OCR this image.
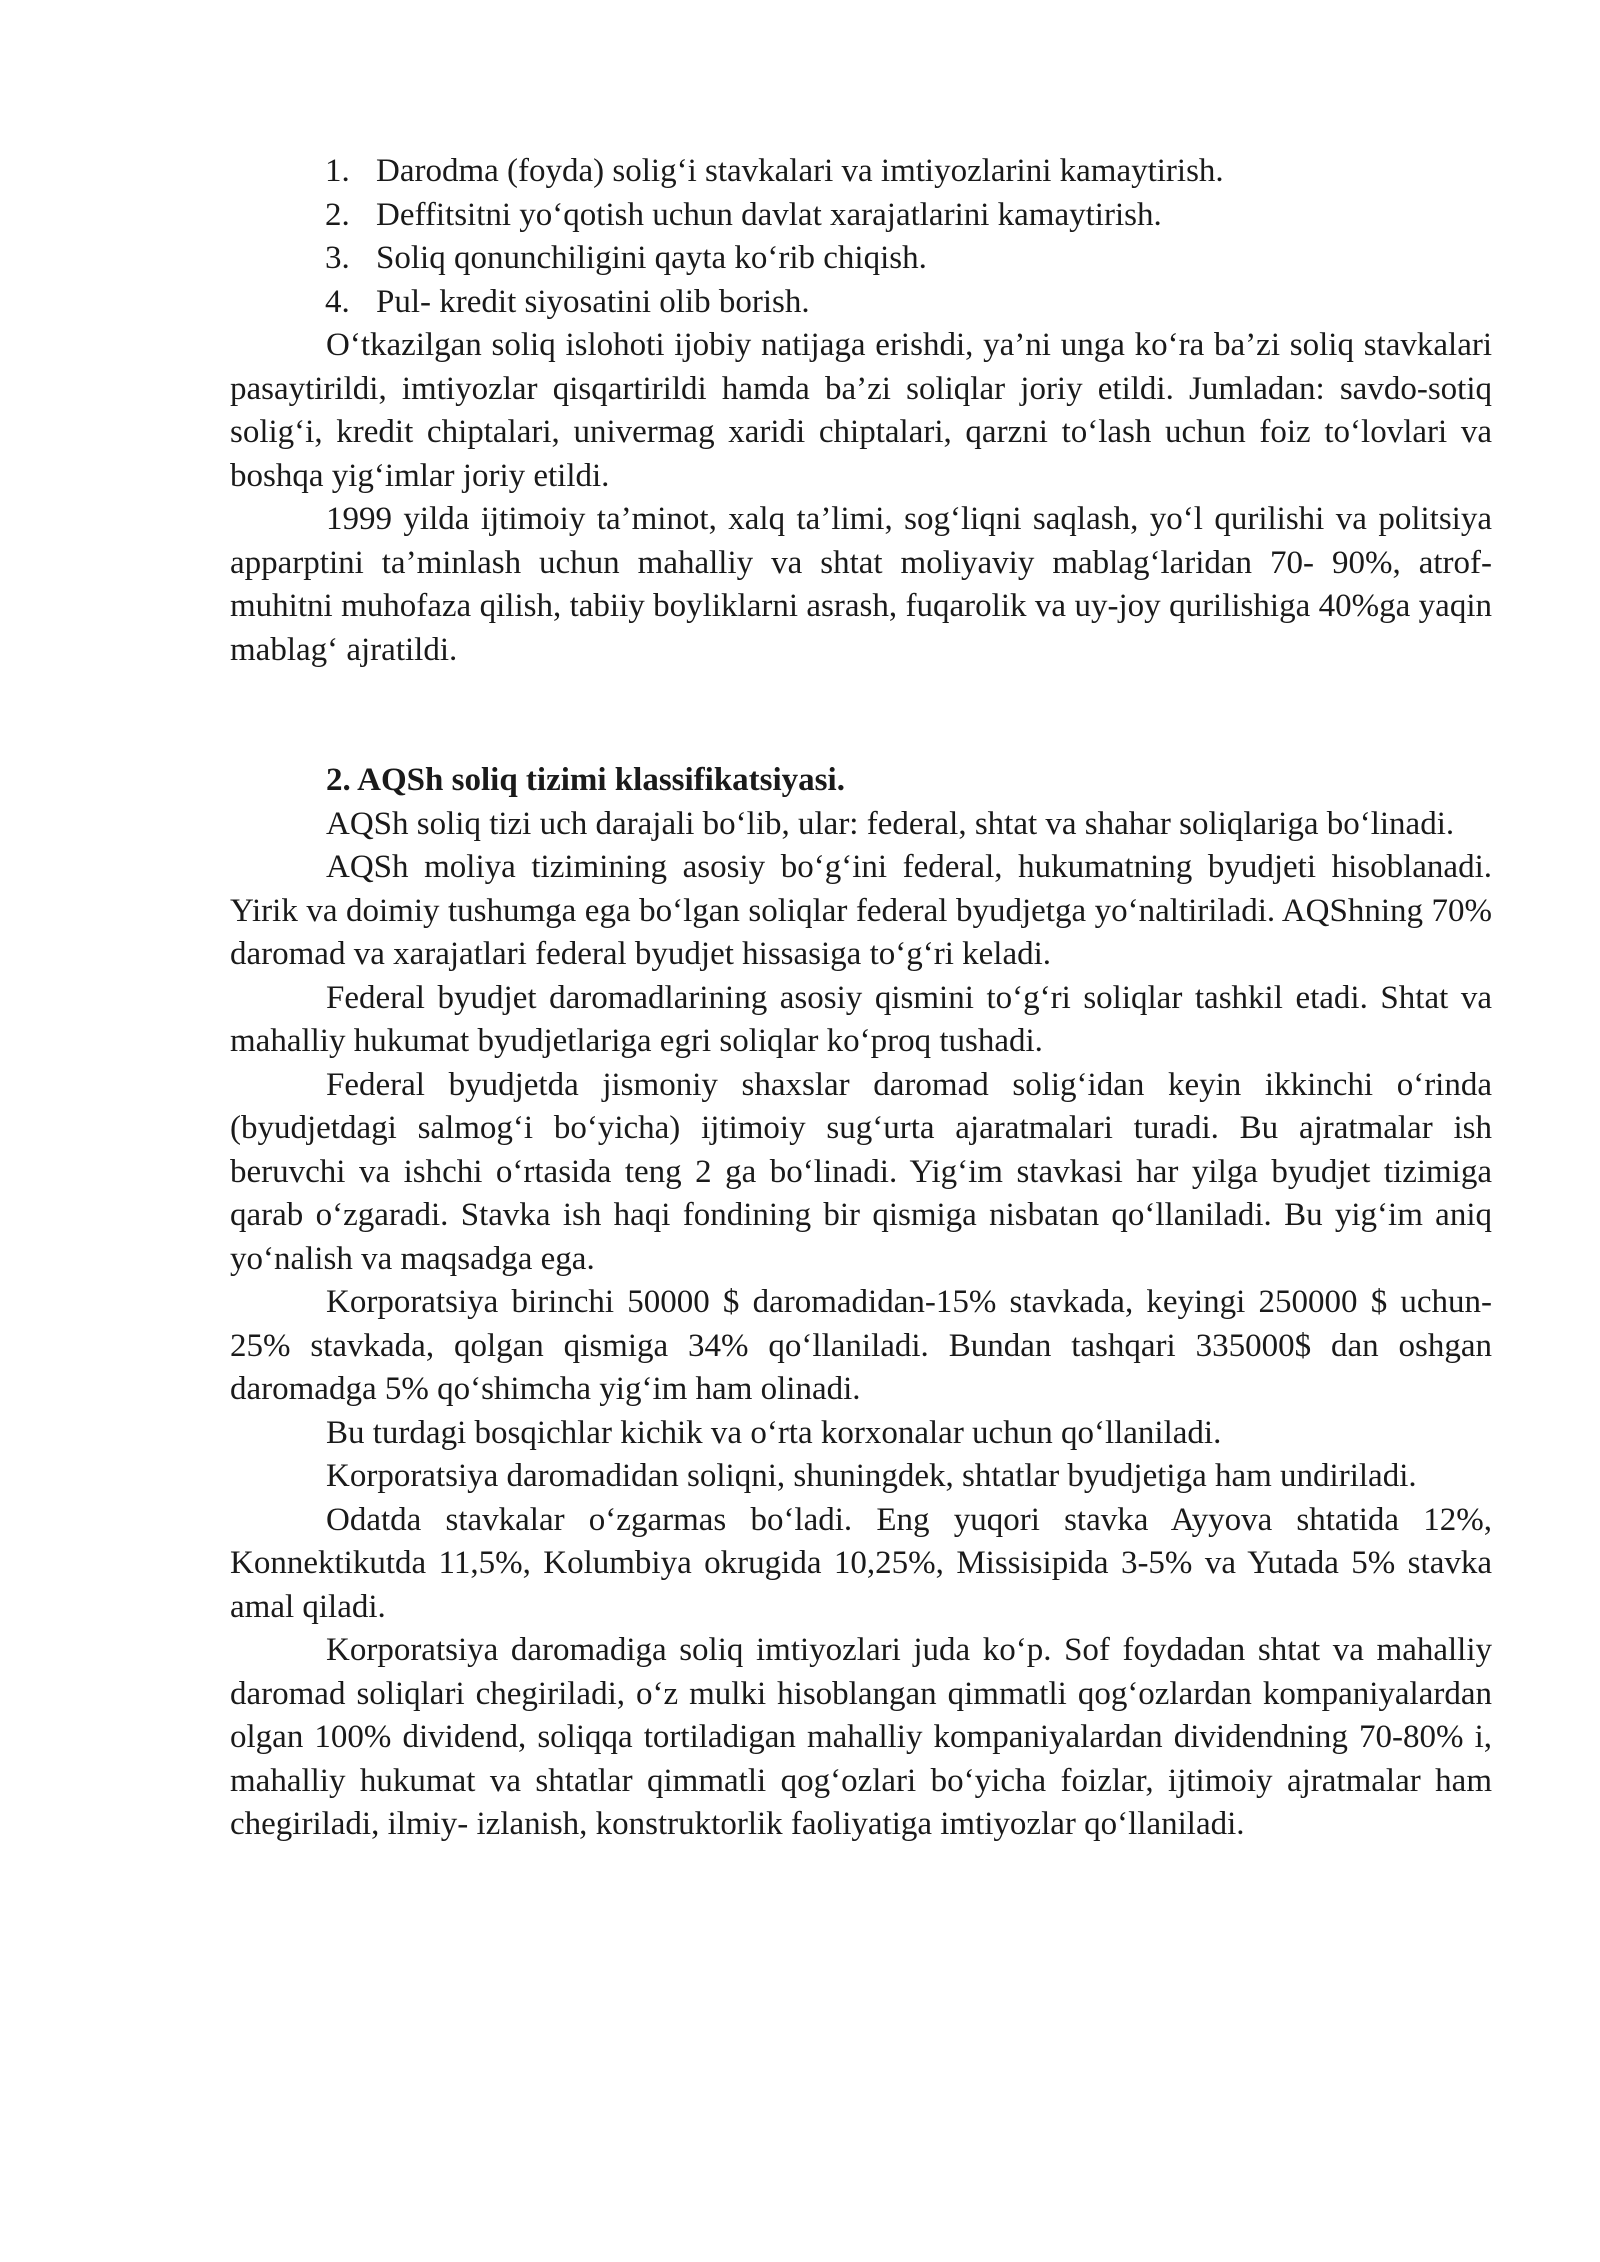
1. Darodma (foyda) solig‘i stavkalari va imtiyozlarini kamaytirish.
2. Deffitsitni yo‘qotish uchun davlat xarajatlarini kamaytirish.
3. Soliq qonunchiligini qayta ko‘rib chiqish.
4. Pul- kredit siyosatini olib borish.

O‘tkazilgan soliq islohoti ijobiy natijaga erishdi, ya’ni unga ko‘ra ba’zi soliq stavkalari pasaytirildi, imtiyozlar qisqartirildi hamda ba’zi soliqlar joriy etildi. Jumladan: savdo-sotiq solig‘i, kredit chiptalari, univermag xaridi chiptalari, qarzni to‘lash uchun foiz to‘lovlari va boshqa yig‘imlar joriy etildi.

1999 yilda ijtimoiy ta’minot, xalq ta’limi, sog‘liqni saqlash, yo‘l qurilishi va politsiya apparptini ta’minlash uchun mahalliy va shtat moliyaviy mablag‘laridan 70- 90%, atrof-muhitni muhofaza qilish, tabiiy boyliklarni asrash, fuqarolik va uy-joy qurilishiga 40%ga yaqin mablag‘ ajratildi.

2. AQSh soliq tizimi klassifikatsiyasi.

AQSh soliq tizi uch darajali bo‘lib, ular: federal, shtat va shahar soliqlariga bo‘linadi.

AQSh moliya tizimining asosiy bo‘g‘ini federal, hukumatning byudjeti hisoblanadi. Yirik va doimiy tushumga ega bo‘lgan soliqlar federal byudjetga yo‘naltiriladi. AQShning 70% daromad va xarajatlari federal byudjet hissasiga to‘g‘ri keladi.

Federal byudjet daromadlarining asosiy qismini to‘g‘ri soliqlar tashkil etadi. Shtat va mahalliy hukumat byudjetlariga egri soliqlar ko‘proq tushadi.

Federal byudjetda jismoniy shaxslar daromad solig‘idan keyin ikkinchi o‘rinda (byudjetdagi salmog‘i bo‘yicha) ijtimoiy sug‘urta ajaratmalari turadi. Bu ajratmalar ish beruvchi va ishchi o‘rtasida teng 2 ga bo‘linadi. Yig‘im stavkasi har yilga byudjet tizimiga qarab o‘zgaradi. Stavka ish haqi fondining bir qismiga nisbatan qo‘llaniladi. Bu yig‘im aniq yo‘nalish va maqsadga ega.

Korporatsiya birinchi 50000 $ daromadidan-15% stavkada, keyingi 250000 $ uchun-25% stavkada, qolgan qismiga 34% qo‘llaniladi. Bundan tashqari 335000$ dan oshgan daromadga 5% qo‘shimcha yig‘im ham olinadi.

Bu turdagi bosqichlar kichik va o‘rta korxonalar uchun qo‘llaniladi.

Korporatsiya daromadidan soliqni, shuningdek, shtatlar byudjetiga ham undiriladi.

Odatda stavkalar o‘zgarmas bo‘ladi. Eng yuqori stavka Ayyova shtatida 12%, Konnektikutda 11,5%, Kolumbiya okrugida 10,25%, Missisipida 3-5% va Yutada 5% stavka amal qiladi.

Korporatsiya daromadiga soliq imtiyozlari juda ko‘p. Sof foydadan shtat va mahalliy daromad soliqlari chegiriladi, o‘z mulki hisoblangan qimmatli qog‘ozlardan kompaniyalardan olgan 100% dividend, soliqqa tortiladigan mahalliy kompaniyalardan dividendning 70-80% i, mahalliy hukumat va shtatlar qimmatli qog‘ozlari bo‘yicha foizlar, ijtimoiy ajratmalar ham chegiriladi, ilmiy- izlanish, konstruktorlik faoliyatiga imtiyozlar qo‘llaniladi.
